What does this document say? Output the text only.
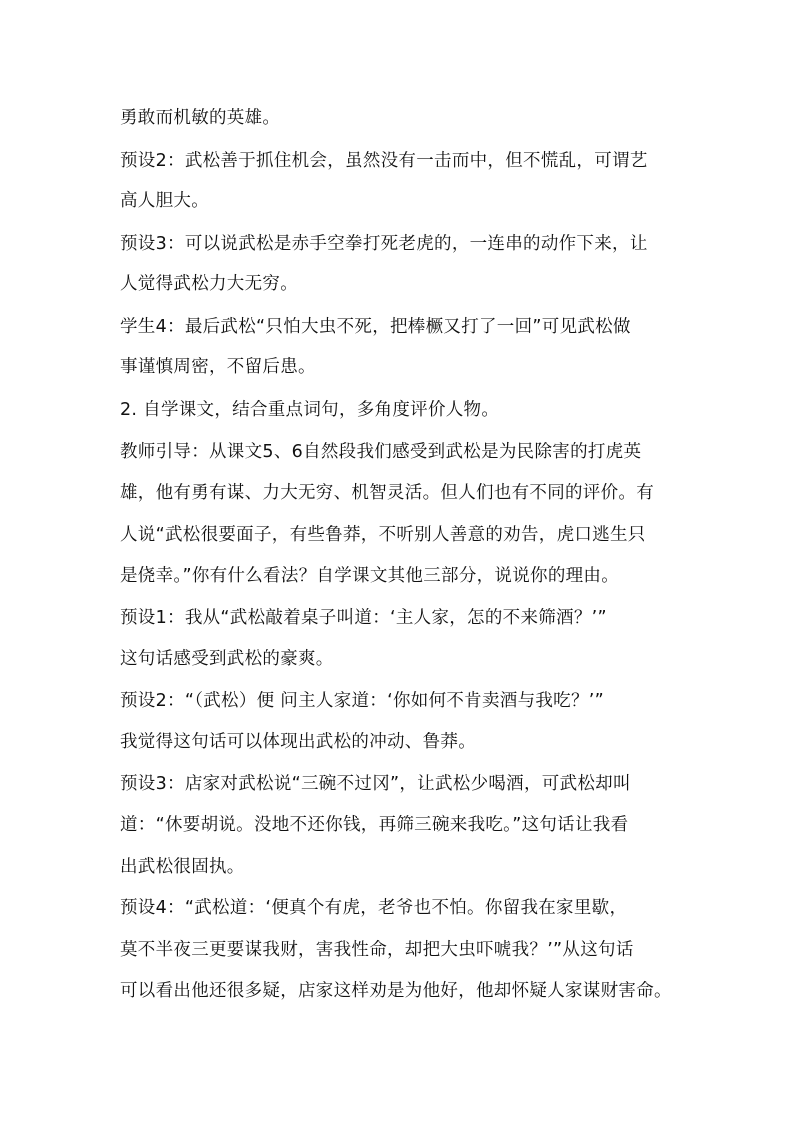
勇敢而机敏的英雄。
预设2：武松善于抓住机会，虽然没有一击而中，但不慌乱，可谓艺
高人胆大。
预设3：可以说武松是赤手空拳打死老虎的，一连串的动作下来，让
人觉得武松力大无穷。
学生4：最后武松“只怕大虫不死，把棒橛又打了一回”可见武松做
事谨慎周密，不留后患。
2. 自学课文，结合重点词句，多角度评价人物。
教师引导：从课文5、6自然段我们感受到武松是为民除害的打虎英
雄，他有勇有谋、力大无穷、机智灵活。但人们也有不同的评价。有
人说“武松很要面子，有些鲁莽，不听别人善意的劝告，虎口逃生只
是侥幸。”你有什么看法？自学课文其他三部分，说说你的理由。
预设1：我从“武松敲着桌子叫道：‘主人家，怎的不来筛酒？’”
这句话感受到武松的豪爽。
预设2：“（武松）便 问主人家道：‘你如何不肯卖酒与我吃？’”
我觉得这句话可以体现出武松的冲动、鲁莽。
预设3：店家对武松说“三碗不过冈”，让武松少喝酒，可武松却叫
道：“休要胡说。没地不还你钱，再筛三碗来我吃。”这句话让我看
出武松很固执。
预设4：“武松道：‘便真个有虎，老爷也不怕。你留我在家里歇，
莫不半夜三更要谋我财，害我性命，却把大虫吓唬我？’”从这句话
可以看出他还很多疑，店家这样劝是为他好，他却怀疑人家谋财害命。
